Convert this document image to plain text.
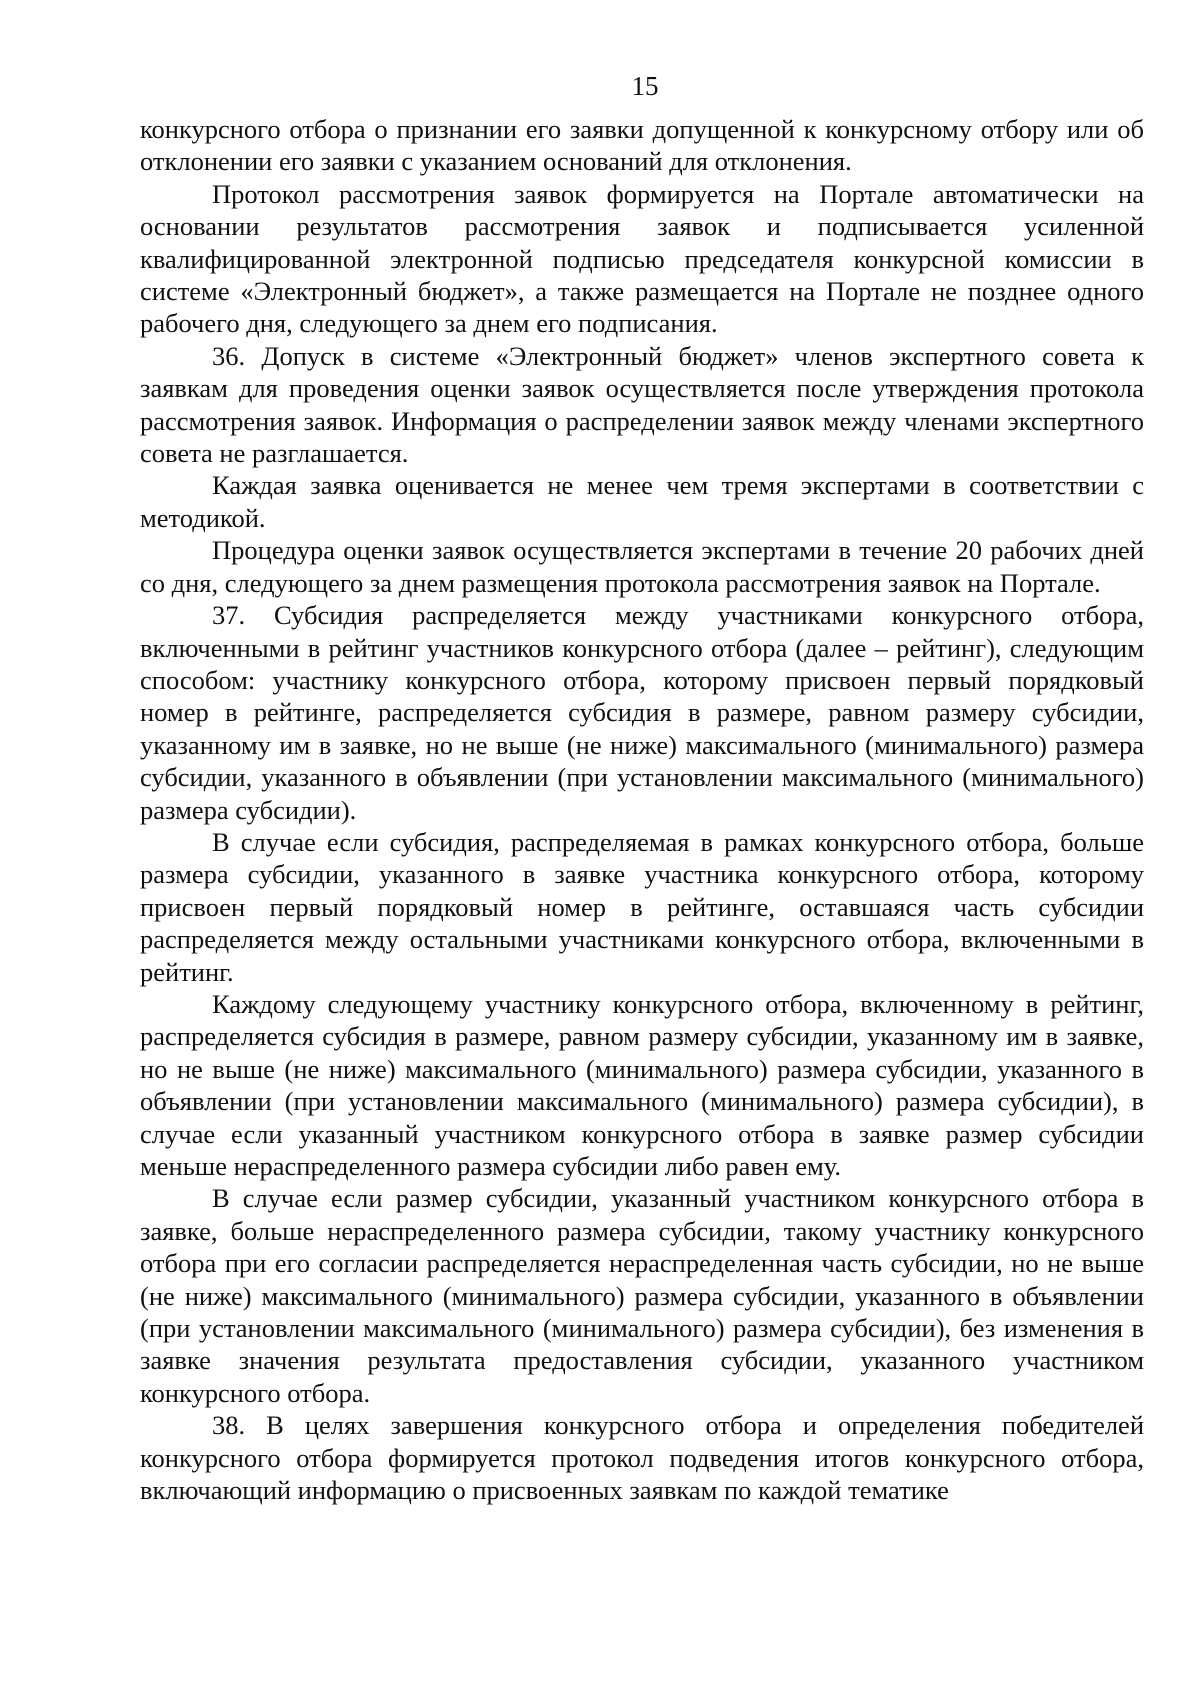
15

конкурсного отбора о признании его заявки допущенной к конкурсному отбору или об отклонении его заявки с указанием оснований для отклонения.

Протокол рассмотрения заявок формируется на Портале автоматически на основании результатов рассмотрения заявок и подписывается усиленной квалифицированной электронной подписью председателя конкурсной комиссии в системе «Электронный бюджет», а также размещается на Портале не позднее одного рабочего дня, следующего за днем его подписания.

36. Допуск в системе «Электронный бюджет» членов экспертного совета к заявкам для проведения оценки заявок осуществляется после утверждения протокола рассмотрения заявок. Информация о распределении заявок между членами экспертного совета не разглашается.

Каждая заявка оценивается не менее чем тремя экспертами в соответствии с методикой.

Процедура оценки заявок осуществляется экспертами в течение 20 рабочих дней со дня, следующего за днем размещения протокола рассмотрения заявок на Портале.

37. Субсидия распределяется между участниками конкурсного отбора, включенными в рейтинг участников конкурсного отбора (далее – рейтинг), следующим способом: участнику конкурсного отбора, которому присвоен первый порядковый номер в рейтинге, распределяется субсидия в размере, равном размеру субсидии, указанному им в заявке, но не выше (не ниже) максимального (минимального) размера субсидии, указанного в объявлении (при установлении максимального (минимального) размера субсидии).

В случае если субсидия, распределяемая в рамках конкурсного отбора, больше размера субсидии, указанного в заявке участника конкурсного отбора, которому присвоен первый порядковый номер в рейтинге, оставшаяся часть субсидии распределяется между остальными участниками конкурсного отбора, включенными в рейтинг.

Каждому следующему участнику конкурсного отбора, включенному в рейтинг, распределяется субсидия в размере, равном размеру субсидии, указанному им в заявке, но не выше (не ниже) максимального (минимального) размера субсидии, указанного в объявлении (при установлении максимального (минимального) размера субсидии), в случае если указанный участником конкурсного отбора в заявке размер субсидии меньше нераспределенного размера субсидии либо равен ему.

В случае если размер субсидии, указанный участником конкурсного отбора в заявке, больше нераспределенного размера субсидии, такому участнику конкурсного отбора при его согласии распределяется нераспределенная часть субсидии, но не выше (не ниже) максимального (минимального) размера субсидии, указанного в объявлении (при установлении максимального (минимального) размера субсидии), без изменения в заявке значения результата предоставления субсидии, указанного участником конкурсного отбора.

38. В целях завершения конкурсного отбора и определения победителей конкурсного отбора формируется протокол подведения итогов конкурсного отбора, включающий информацию о присвоенных заявкам по каждой тематике
